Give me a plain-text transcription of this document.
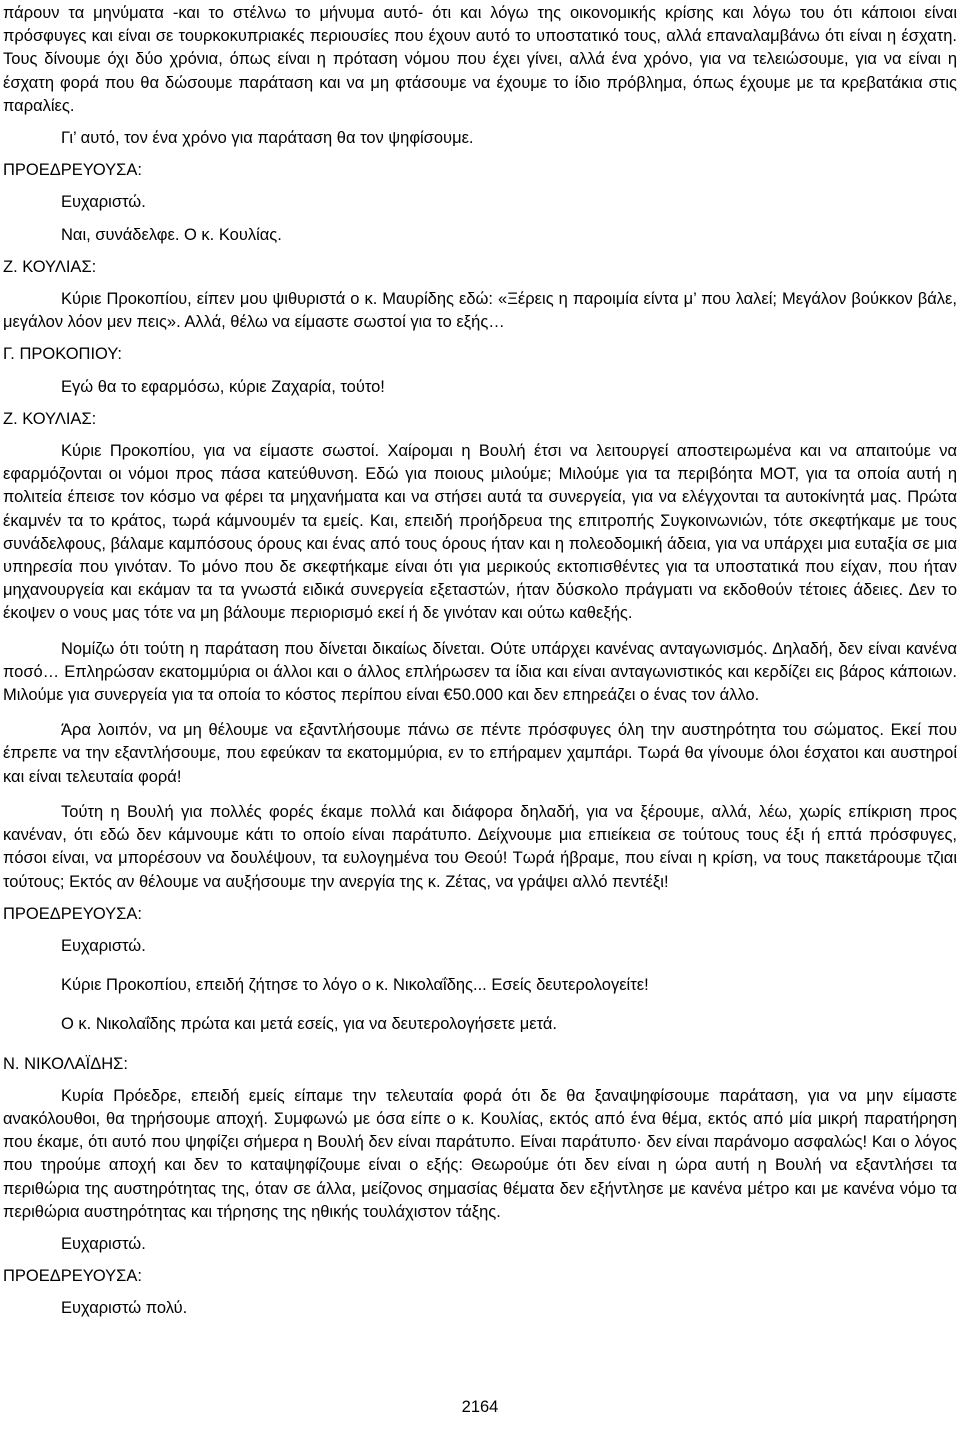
πάρουν τα μηνύματα -και το στέλνω το μήνυμα αυτό- ότι και λόγω της οικονομικής κρίσης και λόγω του ότι κάποιοι είναι πρόσφυγες και είναι σε τουρκοκυπριακές περιουσίες που έχουν αυτό το υποστατικό τους, αλλά επαναλαμβάνω ότι είναι η έσχατη. Τους δίνουμε όχι δύο χρόνια, όπως είναι η πρόταση νόμου που έχει γίνει, αλλά ένα χρόνο, για να τελειώσουμε, για να είναι η έσχατη φορά που θα δώσουμε παράταση και να μη φτάσουμε να έχουμε το ίδιο πρόβλημα, όπως έχουμε με τα κρεβατάκια στις παραλίες.

Γι’ αυτό, τον ένα χρόνο για παράταση θα τον ψηφίσουμε.

ΠΡΟΕΔΡΕΥΟΥΣΑ:

Ευχαριστώ.

Ναι, συνάδελφε. Ο κ. Κουλίας.

Ζ. ΚΟΥΛΙΑΣ:

Κύριε Προκοπίου, είπεν μου ψιθυριστά ο κ. Μαυρίδης εδώ: «Ξέρεις η παροιμία είντα μ’ που λαλεί; Μεγάλον βούκκον βάλε, μεγάλον λόον μεν πεις». Αλλά, θέλω να είμαστε σωστοί για το εξής…

Γ. ΠΡΟΚΟΠΙΟΥ:

Εγώ θα το εφαρμόσω, κύριε Ζαχαρία, τούτο!

Ζ. ΚΟΥΛΙΑΣ:

Κύριε Προκοπίου, για να είμαστε σωστοί. Χαίρομαι η Βουλή έτσι να λειτουργεί αποστειρωμένα και να απαιτούμε να εφαρμόζονται οι νόμοι προς πάσα κατεύθυνση. Εδώ για ποιους μιλούμε; Μιλούμε για τα περιβόητα ΜΟΤ, για τα οποία αυτή η πολιτεία έπεισε τον κόσμο να φέρει τα μηχανήματα και να στήσει αυτά τα συνεργεία, για να ελέγχονται τα αυτοκίνητά μας. Πρώτα έκαμνέν τα το κράτος, τωρά κάμνουμέν τα εμείς. Και, επειδή προήδρευα της επιτροπής Συγκοινωνιών, τότε σκεφτήκαμε με τους συνάδελφους, βάλαμε καμπόσους όρους και ένας από τους όρους ήταν και η πολεοδομική άδεια, για να υπάρχει μια ευταξία σε μια υπηρεσία που γινόταν. Το μόνο που δε σκεφτήκαμε είναι ότι για μερικούς εκτοπισθέντες για τα υποστατικά που είχαν, που ήταν μηχανουργεία και εκάμαν τα τα γνωστά ειδικά συνεργεία εξεταστών, ήταν δύσκολο πράγματι να εκδοθούν τέτοιες άδειες. Δεν το έκοψεν ο νους μας τότε να μη βάλουμε περιορισμό εκεί ή δε γινόταν και ούτω καθεξής.

Νομίζω ότι τούτη η παράταση που δίνεται δικαίως δίνεται. Ούτε υπάρχει κανένας ανταγωνισμός. Δηλαδή, δεν είναι κανένα ποσό… Επληρώσαν εκατομμύρια οι άλλοι και ο άλλος επλήρωσεν τα ίδια και είναι ανταγωνιστικός και κερδίζει εις βάρος κάποιων. Μιλούμε για συνεργεία για τα οποία το κόστος περίπου είναι €50.000 και δεν επηρεάζει ο ένας τον άλλο.

Άρα λοιπόν, να μη θέλουμε να εξαντλήσουμε πάνω σε πέντε πρόσφυγες όλη την αυστηρότητα του σώματος. Εκεί που έπρεπε να την εξαντλήσουμε, που εφεύκαν τα εκατομμύρια, εν το επήραμεν χαμπάρι. Τωρά θα γίνουμε όλοι έσχατοι και αυστηροί και είναι τελευταία φορά!

Τούτη η Βουλή για πολλές φορές έκαμε πολλά και διάφορα δηλαδή, για να ξέρουμε, αλλά, λέω, χωρίς επίκριση προς κανέναν, ότι εδώ δεν κάμνουμε κάτι το οποίο είναι παράτυπο. Δείχνουμε μια επιείκεια σε τούτους τους έξι ή επτά πρόσφυγες, πόσοι είναι, να μπορέσουν να δουλέψουν, τα ευλογημένα του Θεού! Τωρά ήβραμε, που είναι η κρίση, να τους πακετάρουμε τζιαι τούτους; Εκτός αν θέλουμε να αυξήσουμε την ανεργία της κ. Ζέτας, να γράψει αλλό πεντέξι!

ΠΡΟΕΔΡΕΥΟΥΣΑ:

Ευχαριστώ.

Κύριε Προκοπίου, επειδή ζήτησε το λόγο ο κ. Νικολαΐδης... Εσείς δευτερολογείτε!

Ο κ. Νικολαΐδης πρώτα και μετά εσείς, για να δευτερολογήσετε μετά.

Ν. ΝΙΚΟΛΑΪΔΗΣ:

Κυρία Πρόεδρε, επειδή εμείς είπαμε την τελευταία φορά ότι δε θα ξαναψηφίσουμε παράταση, για να μην είμαστε ανακόλουθοι, θα τηρήσουμε αποχή. Συμφωνώ με όσα είπε ο κ. Κουλίας, εκτός από ένα θέμα, εκτός από μία μικρή παρατήρηση που έκαμε, ότι αυτό που ψηφίζει σήμερα η Βουλή δεν είναι παράτυπο. Είναι παράτυπο· δεν είναι παράνομο ασφαλώς! Και ο λόγος που τηρούμε αποχή και δεν το καταψηφίζουμε είναι ο εξής: Θεωρούμε ότι δεν είναι η ώρα αυτή η Βουλή να εξαντλήσει τα περιθώρια της αυστηρότητας της, όταν σε άλλα, μείζονος σημασίας θέματα δεν εξήντλησε με κανένα μέτρο και με κανένα νόμο τα περιθώρια αυστηρότητας και τήρησης της ηθικής τουλάχιστον τάξης.

Ευχαριστώ.

ΠΡΟΕΔΡΕΥΟΥΣΑ:

Ευχαριστώ πολύ.

2164
